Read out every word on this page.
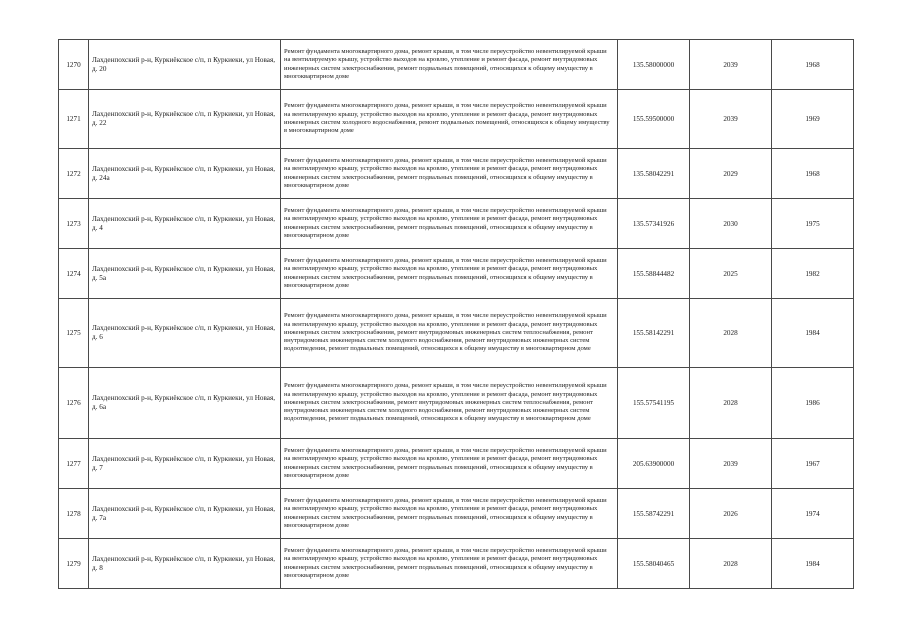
1270	Лахденпохский р-н, Куркиёкское с/п, п Куркиеки, ул Новая, д. 20	Ремонт фундамента многоквартирного дома, ремонт крыши, в том числе переустройство невентилируемой крыши на вентилируемую крышу, устройство выходов на кровлю, утепление и ремонт фасада, ремонт внутридомовых инженерных систем электроснабжения, ремонт подвальных помещений, относящихся к общему имуществу в многоквартирном доме	135.58000000	2039	1968
1271	Лахденпохский р-н, Куркиёкское с/п, п Куркиеки, ул Новая, д. 22	Ремонт фундамента многоквартирного дома, ремонт крыши, в том числе переустройство невентилируемой крыши на вентилируемую крышу, устройство выходов на кровлю, утепление и ремонт фасада, ремонт внутридомовых инженерных систем холодного водоснабжения, ремонт подвальных помещений, относящихся к общему имуществу в многоквартирном доме	155.59500000	2039	1969
1272	Лахденпохский р-н, Куркиёкское с/п, п Куркиеки, ул Новая, д. 24а	Ремонт фундамента многоквартирного дома, ремонт крыши, в том числе переустройство невентилируемой крыши на вентилируемую крышу, устройство выходов на кровлю, утепление и ремонт фасада, ремонт внутридомовых инженерных систем электроснабжения, ремонт подвальных помещений, относящихся к общему имуществу в многоквартирном доме	135.58042291	2029	1968
1273	Лахденпохский р-н, Куркиёкское с/п, п Куркиеки, ул Новая, д. 4	Ремонт фундамента многоквартирного дома, ремонт крыши, в том числе переустройство невентилируемой крыши на вентилируемую крышу, устройство выходов на кровлю, утепление и ремонт фасада, ремонт внутридомовых инженерных систем электроснабжения, ремонт подвальных помещений, относящихся к общему имуществу в многоквартирном доме	135.57341926	2030	1975
1274	Лахденпохский р-н, Куркиёкское с/п, п Куркиеки, ул Новая, д. 5а	Ремонт фундамента многоквартирного дома, ремонт крыши, в том числе переустройство невентилируемой крыши на вентилируемую крышу, устройство выходов на кровлю, утепление и ремонт фасада, ремонт внутридомовых инженерных систем электроснабжения, ремонт подвальных помещений, относящихся к общему имуществу в многоквартирном доме	155.58844482	2025	1982
1275	Лахденпохский р-н, Куркиёкское с/п, п Куркиеки, ул Новая, д. 6	Ремонт фундамента многоквартирного дома, ремонт крыши, в том числе переустройство невентилируемой крыши на вентилируемую крышу, устройство выходов на кровлю, утепление и ремонт фасада, ремонт внутридомовых инженерных систем электроснабжения, ремонт внутридомовых инженерных систем теплоснабжения, ремонт внутридомовых инженерных систем холодного водоснабжения, ремонт внутридомовых инженерных систем водоотведения, ремонт подвальных помещений, относящихся к общему имуществу в многоквартирном доме	155.58142291	2028	1984
1276	Лахденпохский р-н, Куркиёкское с/п, п Куркиеки, ул Новая, д. 6а	Ремонт фундамента многоквартирного дома, ремонт крыши, в том числе переустройство невентилируемой крыши на вентилируемую крышу, устройство выходов на кровлю, утепление и ремонт фасада, ремонт внутридомовых инженерных систем электроснабжения, ремонт внутридомовых инженерных систем теплоснабжения, ремонт внутридомовых инженерных систем холодного водоснабжения, ремонт внутридомовых инженерных систем водоотведения, ремонт подвальных помещений, относящихся к общему имуществу в многоквартирном доме	155.57541195	2028	1986
1277	Лахденпохский р-н, Куркиёкское с/п, п Куркиеки, ул Новая, д. 7	Ремонт фундамента многоквартирного дома, ремонт крыши, в том числе переустройство невентилируемой крыши на вентилируемую крышу, устройство выходов на кровлю, утепление и ремонт фасада, ремонт внутридомовых инженерных систем электроснабжения, ремонт подвальных помещений, относящихся к общему имуществу в многоквартирном доме	205.63900000	2039	1967
1278	Лахденпохский р-н, Куркиёкское с/п, п Куркиеки, ул Новая, д. 7а	Ремонт фундамента многоквартирного дома, ремонт крыши, в том числе переустройство невентилируемой крыши на вентилируемую крышу, устройство выходов на кровлю, утепление и ремонт фасада, ремонт внутридомовых инженерных систем электроснабжения, ремонт подвальных помещений, относящихся к общему имуществу в многоквартирном доме	155.58742291	2026	1974
1279	Лахденпохский р-н, Куркиёкское с/п, п Куркиеки, ул Новая, д. 8	Ремонт фундамента многоквартирного дома, ремонт крыши, в том числе переустройство невентилируемой крыши на вентилируемую крышу, устройство выходов на кровлю, утепление и ремонт фасада, ремонт внутридомовых инженерных систем электроснабжения, ремонт подвальных помещений, относящихся к общему имуществу в многоквартирном доме	155.58040465	2028	1984
